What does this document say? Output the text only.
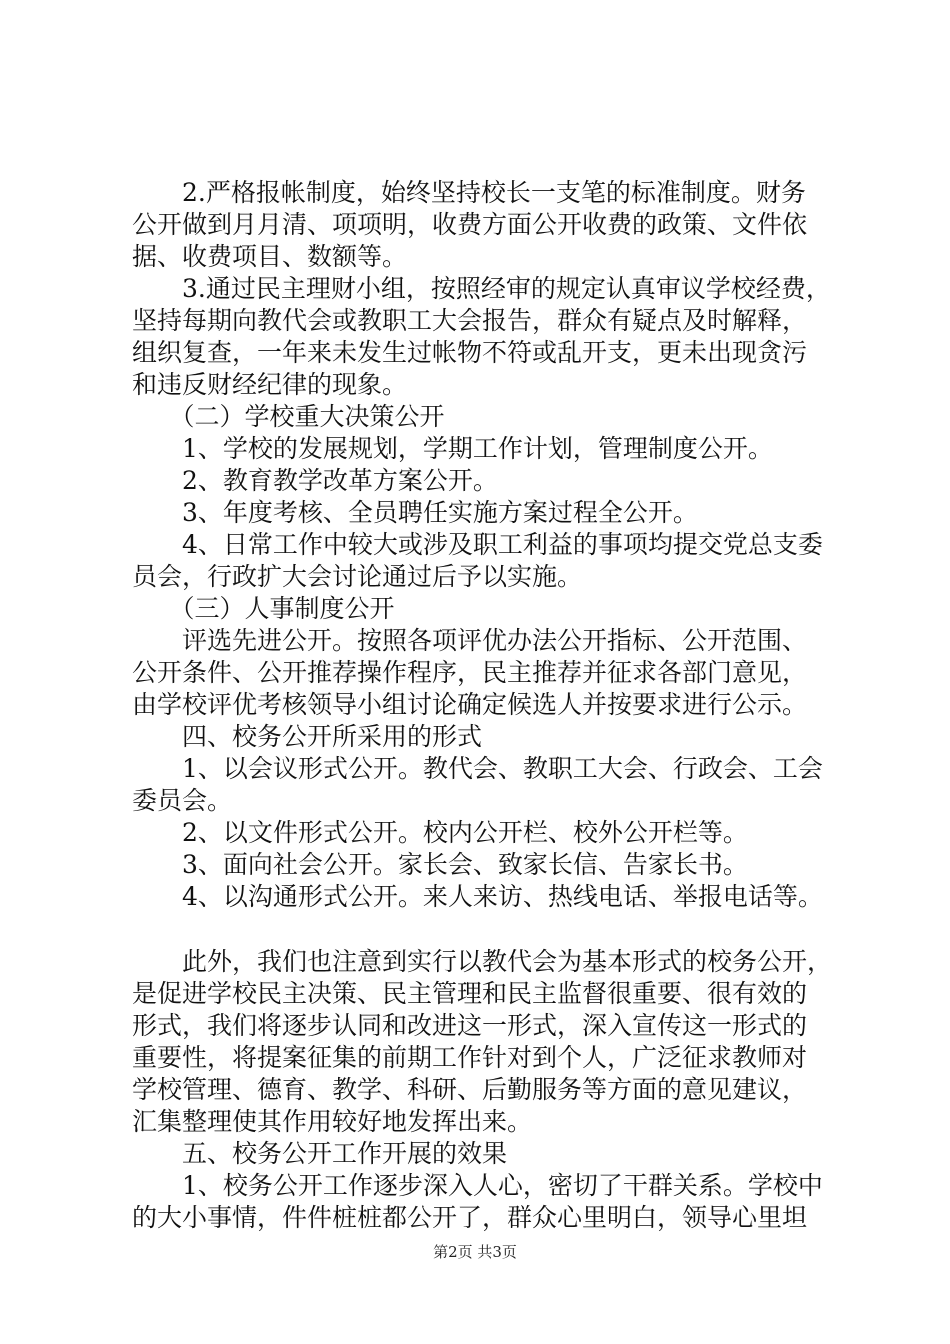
　　2.严格报帐制度，始终坚持校长一支笔的标准制度。财务
公开做到月月清、项项明，收费方面公开收费的政策、文件依
据、收费项目、数额等。
　　3.通过民主理财小组，按照经审的规定认真审议学校经费，
坚持每期向教代会或教职工大会报告，群众有疑点及时解释，
组织复查，一年来未发生过帐物不符或乱开支，更未出现贪污
和违反财经纪律的现象。
　　（二）学校重大决策公开
　　1、学校的发展规划，学期工作计划，管理制度公开。
　　2、教育教学改革方案公开。
　　3、年度考核、全员聘任实施方案过程全公开。
　　4、日常工作中较大或涉及职工利益的事项均提交党总支委
员会，行政扩大会讨论通过后予以实施。
　　（三）人事制度公开
　　评选先进公开。按照各项评优办法公开指标、公开范围、
公开条件、公开推荐操作程序，民主推荐并征求各部门意见，
由学校评优考核领导小组讨论确定候选人并按要求进行公示。
　　四、校务公开所采用的形式
　　1、以会议形式公开。教代会、教职工大会、行政会、工会
委员会。
　　2、以文件形式公开。校内公开栏、校外公开栏等。
　　3、面向社会公开。家长会、致家长信、告家长书。
　　4、以沟通形式公开。来人来访、热线电话、举报电话等。
　　此外，我们也注意到实行以教代会为基本形式的校务公开，
是促进学校民主决策、民主管理和民主监督很重要、很有效的
形式，我们将逐步认同和改进这一形式，深入宣传这一形式的
重要性，将提案征集的前期工作针对到个人，广泛征求教师对
学校管理、德育、教学、科研、后勤服务等方面的意见建议，
汇集整理使其作用较好地发挥出来。
　　五、校务公开工作开展的效果
　　1、校务公开工作逐步深入人心，密切了干群关系。学校中
的大小事情，件件桩桩都公开了，群众心里明白，领导心里坦
第2页 共3页
